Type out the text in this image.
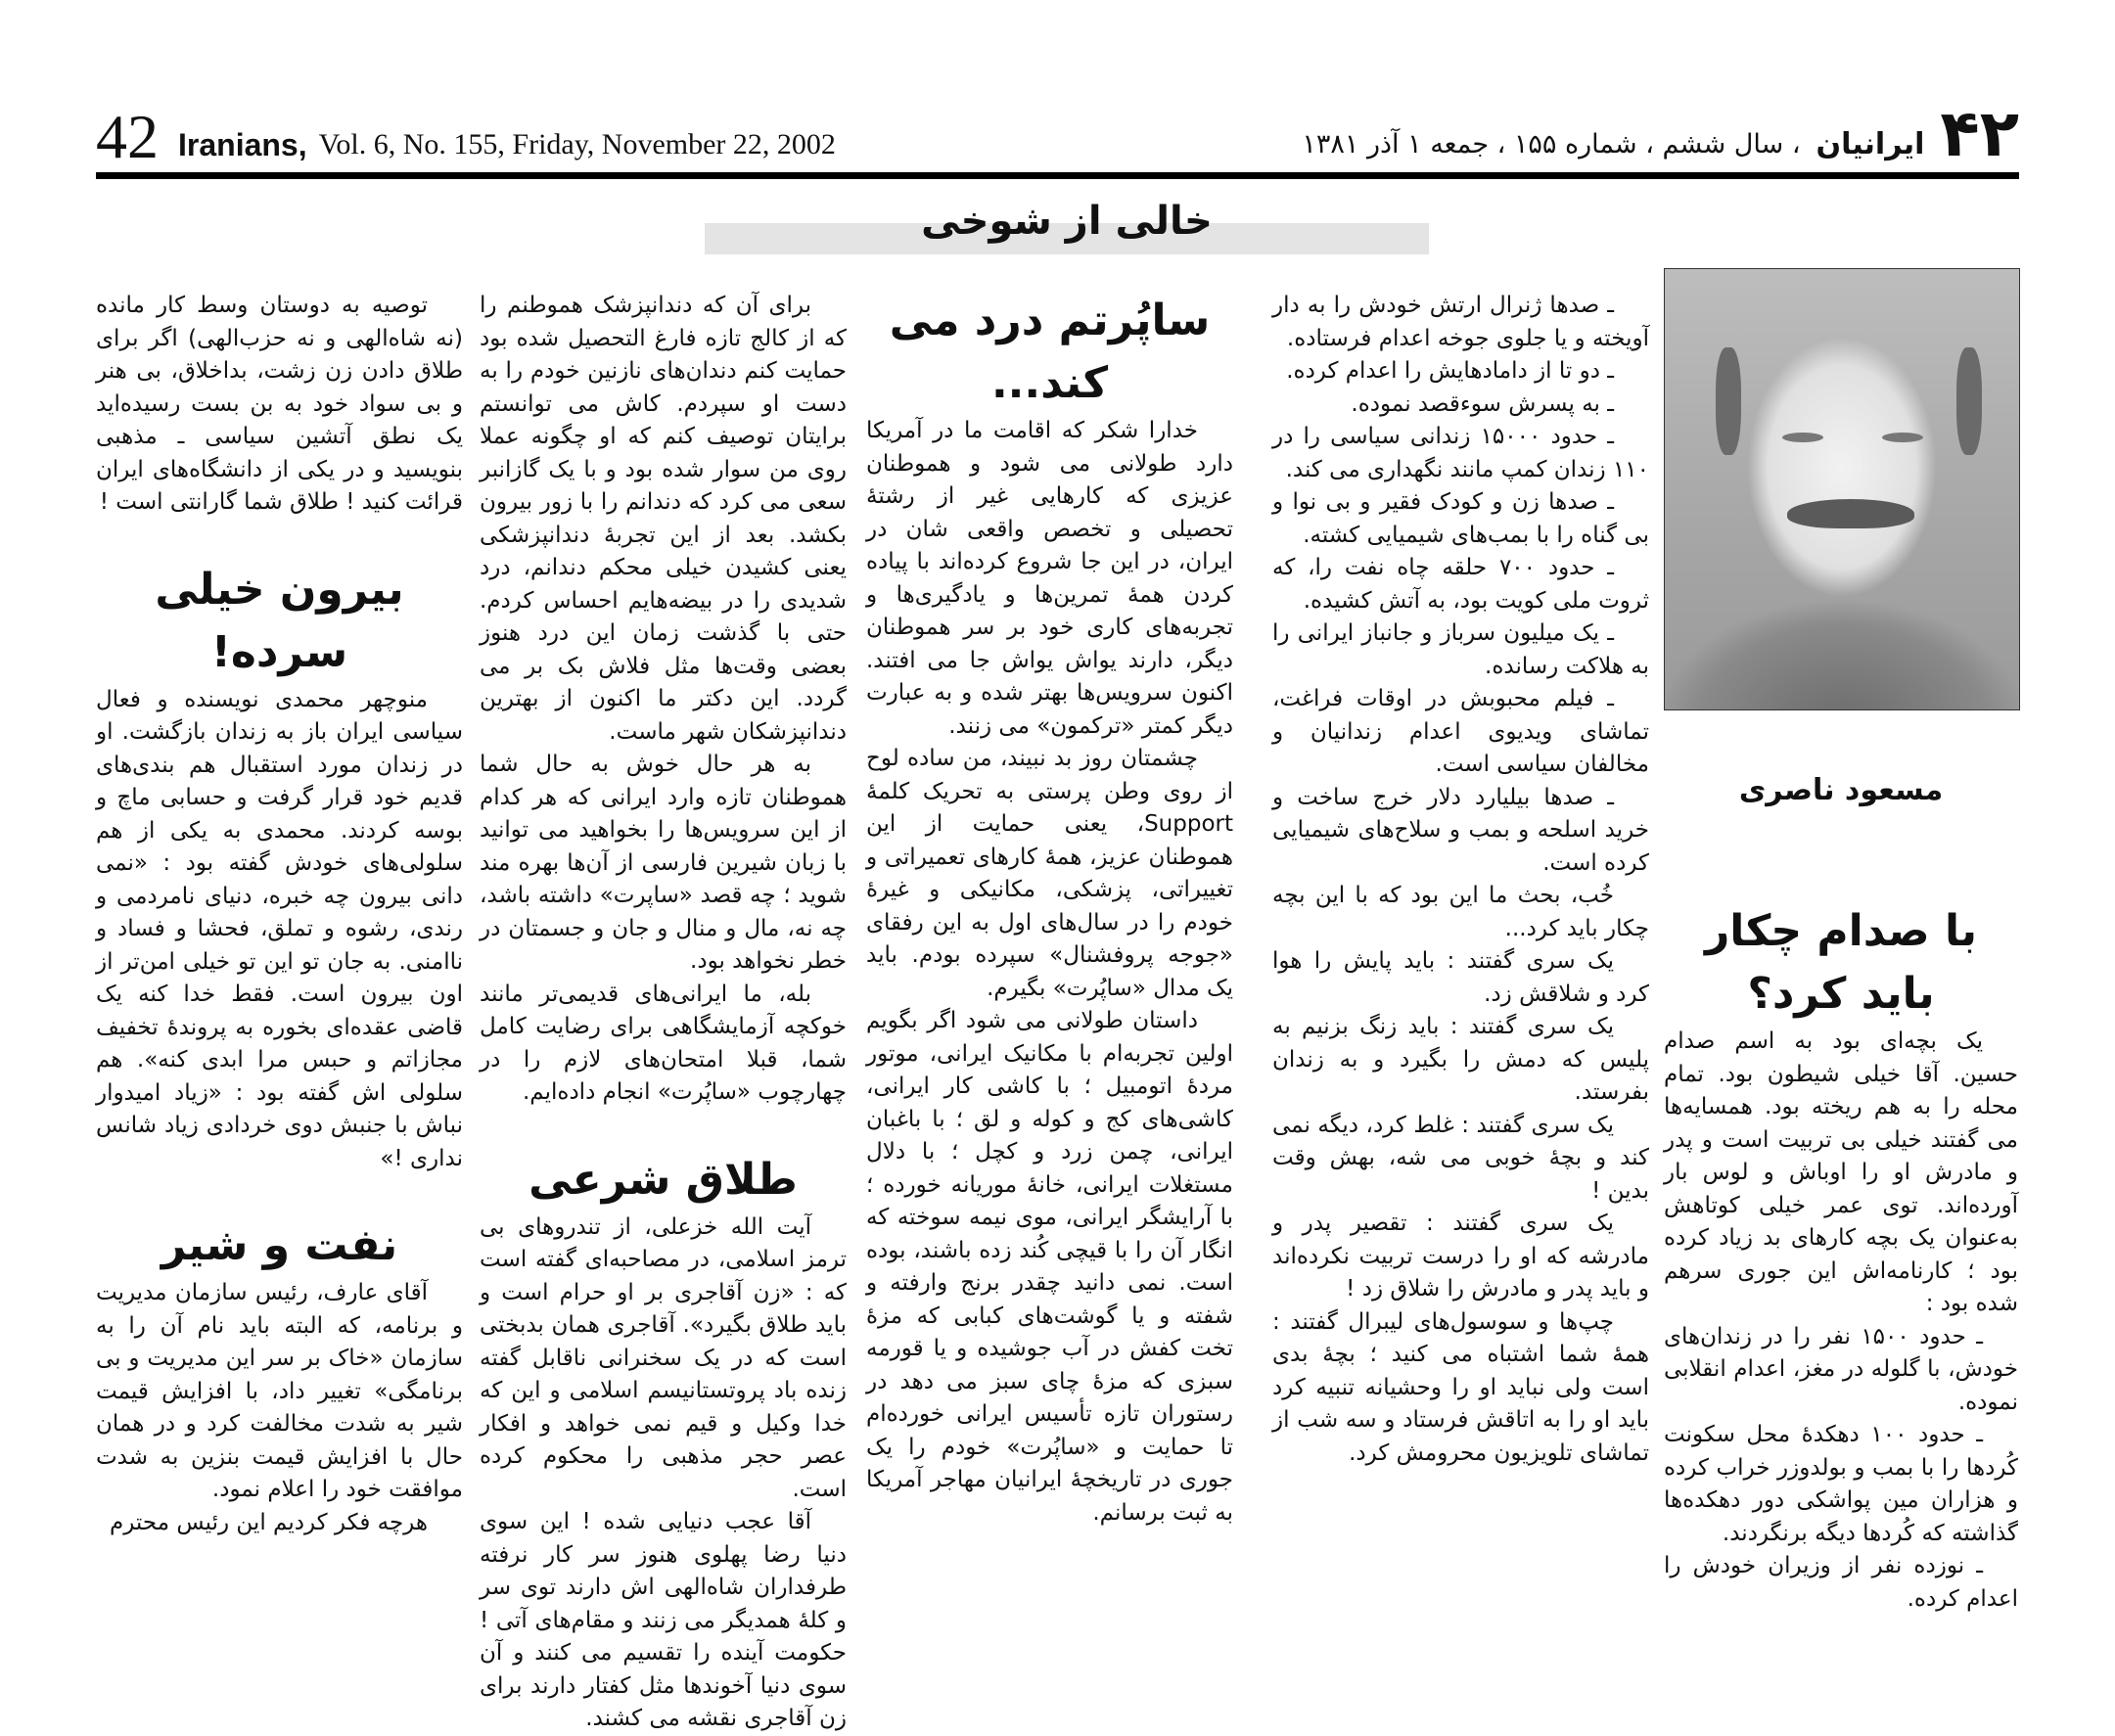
42 Iranians, Vol. 6, No. 155, Friday, November 22, 2002	۴۲
ایرانیان
، سال ششم ، شماره ۱۵۵ ، جمعه ۱ آذر ۱۳۸۱
خالی از شوخی
مسعود ناصری
با صدام چکار باید کرد؟

یک بچه‌ای بود به اسم صدام حسین. آقا خیلی شیطون بود. تمام محله را به هم ریخته بود. همسایه‌ها می گفتند خیلی بی تربیت است و پدر و مادرش او را اوباش و لوس بار آورده‌اند. توی عمر خیلی کوتاهش به‌عنوان یک بچه کارهای بد زیاد کرده بود ؛ کارنامه‌اش این جوری سرهم شده بود :

ـ حدود ۱۵۰۰ نفر را در زندان‌های خودش، با گلوله در مغز، اعدام انقلابی نموده.

ـ حدود ۱۰۰ دهکدهٔ محل سکونت کُردها را با بمب و بولدوزر خراب کرده و هزاران مین پواشکی دور دهکده‌ها گذاشته که کُردها دیگه برنگردند.

ـ نوزده نفر از وزیران خودش را اعدام کرده.

ـ صدها ژنرال ارتش خودش را به دار آویخته و یا جلوی جوخه اعدام فرستاده.

ـ دو تا از دامادهایش را اعدام کرده.

ـ به پسرش سوءقصد نموده.

ـ حدود ۱۵۰۰۰ زندانی سیاسی را در ۱۱۰ زندان کمپ مانند نگهداری می کند.

ـ صدها زن و کودک فقیر و بی نوا و بی گناه را با بمب‌های شیمیایی کشته.

ـ حدود ۷۰۰ حلقه چاه نفت را، که ثروت ملی کویت بود، به آتش کشیده.

ـ یک میلیون سرباز و جانباز ایرانی را به هلاکت رسانده.

ـ فیلم محبوبش در اوقات فراغت، تماشای ویدیوی اعدام زندانیان و مخالفان سیاسی است.

ـ صدها بیلیارد دلار خرج ساخت و خرید اسلحه و بمب و سلاح‌های شیمیایی کرده است.

خُب، بحث ما این بود که با این بچه چکار باید کرد...

یک سری گفتند : باید پایش را هوا کرد و شلاقش زد.

یک سری گفتند : باید زنگ بزنیم به پلیس که دمش را بگیرد و به زندان بفرستد.

یک سری گفتند : غلط کرد، دیگه نمی کند و بچهٔ خوبی می شه، بهش وقت بدین !

یک سری گفتند : تقصیر پدر و مادرشه که او را درست تربیت نکرده‌اند و باید پدر و مادرش را شلاق زد !

چپ‌ها و سوسول‌های لیبرال گفتند : همهٔ شما اشتباه می کنید ؛ بچهٔ بدی است ولی نباید او را وحشیانه تنبیه کرد باید او را به اتاقش فرستاد و سه شب از تماشای تلویزیون محرومش کرد.

ساپُرتم درد می کند...

خدارا شکر که اقامت ما در آمریکا دارد طولانی می شود و هموطنان عزیزی که کارهایی غیر از رشتهٔ تحصیلی و تخصص واقعی شان در ایران، در این جا شروع کرده‌اند با پیاده کردن همهٔ تمرین‌ها و یادگیری‌ها و تجربه‌های کاری خود بر سر هموطنان دیگر، دارند یواش یواش جا می افتند. اکنون سرویس‌ها بهتر شده و به عبارت دیگر کمتر «ترکمون» می زنند.

چشمتان روز بد نبیند، من ساده لوح از روی وطن پرستی به تحریک کلمهٔ Support، یعنی حمایت از این هموطنان عزیز، همهٔ کارهای تعمیراتی و تغییراتی، پزشکی، مکانیکی و غیرهٔ خودم را در سال‌های اول به این رفقای «جوجه پروفشنال» سپرده بودم. باید یک مدال «ساپُرت» بگیرم.

داستان طولانی می شود اگر بگویم اولین تجربه‌ام با مکانیک ایرانی، موتور مردهٔ اتومبیل ؛ با کاشی کار ایرانی، کاشی‌های کج و کوله و لق ؛ با باغبان ایرانی، چمن زرد و کچل ؛ با دلال مستغلات ایرانی، خانهٔ موریانه خورده ؛ با آرایشگر ایرانی، موی نیمه سوخته که انگار آن را با قیچی کُند زده باشند، بوده است. نمی دانید چقدر برنج وارفته و شفته و یا گوشت‌های کبابی که مزهٔ تخت کفش در آب جوشیده و یا قورمه سبزی که مزهٔ چای سبز می دهد در رستوران تازه تأسیس ایرانی خورده‌ام تا حمایت و «ساپُرت» خودم را یک جوری در تاریخچهٔ ایرانیان مهاجر آمریکا به ثبت برسانم.

برای آن که دندانپزشک هموطنم را که از کالج تازه فارغ التحصیل شده بود حمایت کنم دندان‌های نازنین خودم را به دست او سپردم. کاش می توانستم برایتان توصیف کنم که او چگونه عملا روی من سوار شده بود و با یک گازانبر سعی می کرد که دندانم را با زور بیرون بکشد. بعد از این تجربهٔ دندانپزشکی یعنی کشیدن خیلی محکم دندانم، درد شدیدی را در بیضه‌هایم احساس کردم. حتی با گذشت زمان این درد هنوز بعضی وقت‌ها مثل فلاش بک بر می گردد. این دکتر ما اکنون از بهترین دندانپزشکان شهر ماست.

به هر حال خوش به حال شما هموطنان تازه وارد ایرانی که هر کدام از این سرویس‌ها را بخواهید می توانید با زبان شیرین فارسی از آن‌ها بهره مند شوید ؛ چه قصد «ساپرت» داشته باشد، چه نه، مال و منال و جان و جسمتان در خطر نخواهد بود.

بله، ما ایرانی‌های قدیمی‌تر مانند خوکچه آزمایشگاهی برای رضایت کامل شما، قبلا امتحان‌های لازم را در چهارچوب «ساپُرت» انجام داده‌ایم.

طلاق شرعی

آیت الله خزعلی، از تندروهای بی ترمز اسلامی، در مصاحبه‌ای گفته است که : «زن آقاجری بر او حرام است و باید طلاق بگیرد». آقاجری همان بدبختی است که در یک سخنرانی ناقابل گفته زنده باد پروتستانیسم اسلامی و این که خدا وکیل و قیم نمی خواهد و افکار عصر حجر مذهبی را محکوم کرده است.

آقا عجب دنیایی شده ! این سوی دنیا رضا پهلوی هنوز سر کار نرفته طرفداران شاه‌الهی اش دارند توی سر و کلهٔ همدیگر می زنند و مقام‌های آتی ! حکومت آینده را تقسیم می کنند و آن سوی دنیا آخوندها مثل کفتار دارند برای زن آقاجری نقشه می کشند.

توصیه به دوستان وسط کار مانده (نه شاه‌الهی و نه حزب‌الهی) اگر برای طلاق دادن زن زشت، بداخلاق، بی هنر و بی سواد خود به بن بست رسیده‌اید یک نطق آتشین سیاسی ـ مذهبی بنویسید و در یکی از دانشگاه‌های ایران قرائت کنید ! طلاق شما گارانتی است !

بیرون خیلی سرده!

منوچهر محمدی نویسنده و فعال سیاسی ایران باز به زندان بازگشت. او در زندان مورد استقبال هم بندی‌های قدیم خود قرار گرفت و حسابی ماچ و بوسه کردند. محمدی به یکی از هم سلولی‌های خودش گفته بود : «نمی دانی بیرون چه خبره، دنیای نامردمی و رندی، رشوه و تملق، فحشا و فساد و ناامنی. به جان تو این تو خیلی امن‌تر از اون بیرون است. فقط خدا کنه یک قاضی عقده‌ای بخوره به پروندهٔ تخفیف مجازاتم و حبس مرا ابدی کنه». هم سلولی اش گفته بود : «زیاد امیدوار نباش با جنبش دوی خردادی زیاد شانس نداری !»

نفت و شیر

آقای عارف، رئیس سازمان مدیریت و برنامه، که البته باید نام آن را به سازمان «خاک بر سر این مدیریت و بی برنامگی» تغییر داد، با افزایش قیمت شیر به شدت مخالفت کرد و در همان حال با افزایش قیمت بنزین به شدت موافقت خود را اعلام نمود.

هرچه فکر کردیم این رئیس محترم
